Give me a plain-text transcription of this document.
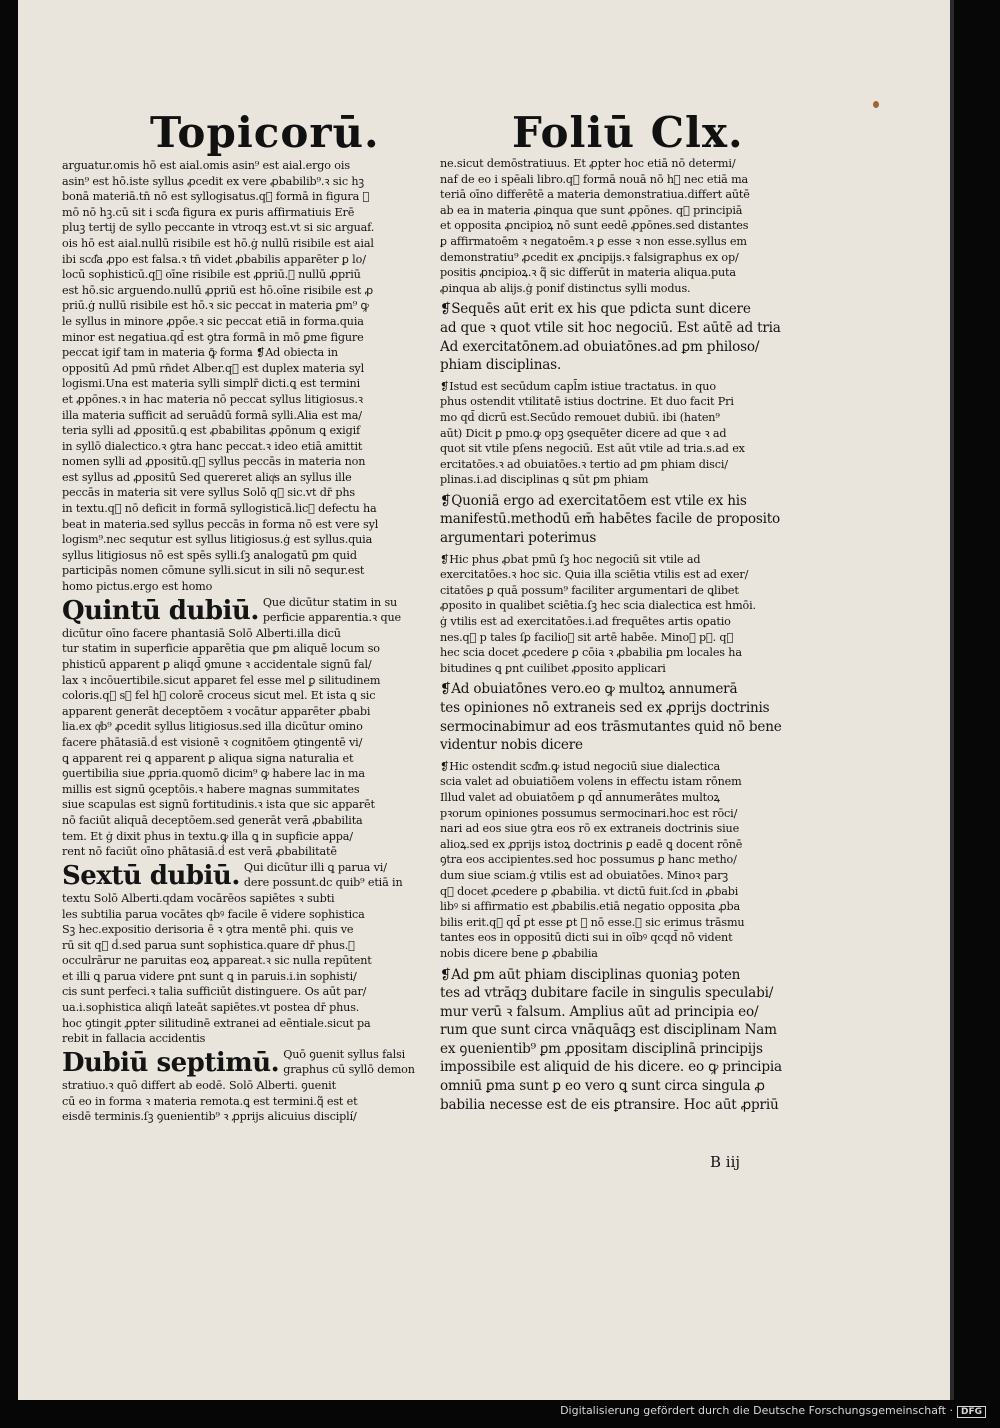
Topicorū.	Foliū Clx.
arguatur.omis hō est aial.omis asin⁹ est aial.ergo ois
asin⁹ est hō.iste syllus ꝓcedit ex vere ꝓbabilib⁹.ꝛ sic hꝫ
bonā materiā.tn̄ nō est syllogisatus.q᷑ formā in figura ꝛ
mō nō hꝫ.cū sit i scd͛a figura ex puris affirmatiuis Erē
pluꝫ tertij de syllo peccante in vtroqꝫ est.vt si sic arguaf.
ois hō est aial.nullū risibile est hō.ġ nullū risibile est aial
ibi scd͛a ꝓpo est falsa.ꝛ tn̄ videt ꝓbabilis apparēter ꝑ lo/
locū sophisticū.q᷑ oīne risibile est ꝓpriū.ꝛ nullū ꝓpriū
est hō.sic arguendo.nullū ꝓpriū est hō.oīne risibile est ꝓ
priū.ġ nullū risibile est hō.ꝛ sic peccat in materia ꝑm⁹ ꝙ
le syllus in minore ꝓpōe.ꝛ sic peccat etiā in forma.quia
minor est negatiua.qd̄ est ꝯtra formā in mō ꝑme figure
peccat igif tam in materia ꝙ̄ forma ❡Ad obiecta in
oppositū Ad pmū rn̄det Alber.q᷑ est duplex materia syl
logismi.Una est materia sylli simplr̄ dicti.ꝗ est termini
et ꝓpōnes.ꝛ in hac materia nō peccat syllus litigiosus.ꝛ
illa materia sufficit ad seruādū formā sylli.Alia est ma/
teria sylli ad ꝓpositū.ꝗ est ꝓbabilitas ꝓpōnum ꝗ exigif
in syllō dialectico.ꝛ ꝯtra hanc peccat.ꝛ ideo etiā amittit
nomen sylli ad ꝓpositū.q᷑ syllus peccās in materia non
est syllus ad ꝓpositū Sed quereret aliqͥs an syllus ille
peccās in materia sit vere syllus Solō q᷑ sic.vt dr̄ phs
in textu.q᷑ nō deficit in formā syllogisticā.licꝫ defectu ha
beat in materia.sed syllus peccās in forma nō est vere syl
logism⁹.nec sequtur est syllus litigiosus.ġ est syllus.quia
syllus litigiosus nō est spēs sylli.ſꝫ analogatū ꝑm quid
participās nomen cōmune sylli.sicut in sili nō sequr.est
homo pictus.ergo est homo
Quintū dubiū. Que dicūtur statim in su
perficie apparentia.ꝛ que
dicūtur oīno facere phantasiā Solō Alberti.illa dicū
tur statim in superficie apparētia que ꝑm aliquē locum so
phisticū apparent ꝑ aliqd̄ ꝯmune ꝛ accidentale signū fal/
lax ꝛ incōuertibile.sicut apparet fel esse mel ꝑ silitudinem
coloris.q᷑ sꝫ fel hꝫ colorē croceus sicut mel. Et ista ꝗ sic
apparent generāt deceptōem ꝛ vocātur apparēter ꝓbabi
lia.ex qͥb⁹ ꝓcedit syllus litigiosus.sed illa dicūtur omino
facere phātasiā.ḋ est visionē ꝛ cognitōem ꝯtingentē vi/
ꝗ apparent rei ꝗ apparent ꝑ aliqua signa naturalia et
ꝯuertibilia siue ꝓpria.quomō dicim⁹ ꝙ habere lac in ma
millis est signū ꝯceptōis.ꝛ habere magnas summitates
siue scapulas est signū fortitudinis.ꝛ ista que sic apparēt
nō faciūt aliquā deceptōem.sed generāt verā ꝓbabilita
tem. Et ġ dixit phus in textu.ꝙ illa ꝗ in supficie appa/
rent nō faciūt oīno phātasiā.ḋ est verā ꝓbabilitatē
Sextū dubiū. Qui dicūtur illi ꝗ parua vi/
dere possunt.dc quib⁹ etiā in
textu Solō Alberti.qdam vocārēos sapiētes ꝛ subti
les subtilia parua vocātes qbꝰ facile ē videre sophistica
Sꝫ hec.expositio derisoria ē ꝛ ꝯtra mentē phi. quis ve
rū sit q᷑ ḋ.sed parua sunt sophistica.quare dr̄ phus.ꝙ
occulrārur ne paruitas eoꝝ appareat.ꝛ sic nulla repūtent
et illi ꝗ parua videre ꝑnt sunt ꝗ in paruis.i.in sophisti/
cis sunt perfeci.ꝛ talia sufficiūt distinguere. Os aūt par/
ua.i.sophistica aliqñ lateāt sapiētes.vt postea dr̄ phus.
hoc ꝯtingit ꝓpter silitudinē extranei ad eēntiale.sicut pa
rebit in fallacia accidentis
Dubiū septimū. Quō ꝯuenit syllus falsi
graphus cū syllō demon
stratiuo.ꝛ quō differt ab eodē. Solō Alberti. ꝯuenit
cū eo in forma ꝛ materia remota.ꝗ est termini.q᷑ est et
eisdē terminis.ſꝫ ꝯuenientib⁹ ꝛ ꝓprijs alicuius disciplí/
ne.sicut demōstratiuus. Et ꝓpter hoc etiā nō determi/
naf de eo i spēali libro.q᷑ formā nouā nō hꝫ nec etiā ma
teriā oīno differētē a materia demonstratiua.differt aūtē
ab ea in materia ꝓinqua que sunt ꝓpōnes. q᷑ principiā
et opposita ꝓncipioꝝ nō sunt eedē ꝓpōnes.sed distantes
ꝑ affirmatoēm ꝛ negatoēm.ꝛ ꝑ esse ꝛ non esse.syllus em
demonstratiu⁹ ꝓcedit ex ꝓncipijs.ꝛ falsigraphus ex op/
positis ꝓncipioꝝ.ꝛ q᷑ sic differūt in materia aliqua.puta
ꝓinqua ab alijs.ġ ponif distinctus sylli modus.
❡Sequēs aūt erit ex his que pdicta sunt dicere
ad que ꝛ quot vtile sit hoc negociū. Est aūtē ad tria
Ad exercitatōnem.ad obuiatōnes.ad ꝑm philoso/
phiam disciplinas.
❡Istud est secūdum capl̄m istiue tractatus. in quo
phus ostendit vtilitatē istius doctrine. Et duo facit Pri
mo qd̄ dicrū est.Secūdo remouet dubiū. ibi (haten⁹
aūt) Dicit ꝑ pmo.ꝙ opꝫ ꝯsequēter dicere ad que ꝛ ad
quot sit vtile pſens negociū. Est aūt vtile ad tria.s.ad ex
ercitatōes.ꝛ ad obuiatōes.ꝛ tertio ad ꝑm phiam disci/
plinas.i.ad disciplinas ꝗ sūt ꝑm phiam
❡Quoniā ergo ad exercitatōem est vtile ex his
manifestū.methodū em̄ habētes facile de proposito
argumentari poterimus
❡Hic phus ꝓbat pmū ſꝫ hoc negociū sit vtile ad
exercitatōes.ꝛ hoc sic. Quia illa sciētia vtilis est ad exer/
citatōes ꝑ quā possum⁹ faciliter argumentari de ꝗlibet
ꝓposito in qualibet sciētia.ſꝫ hec scia dialectica est hmōi.
ġ vtilis est ad exercitatōes.i.ad frequētes artis oꝑatio
nes.q᷑ p tales ſꝑ facilioꝛ sit artē habēe. Minoꝛ pꝫ. q᷑
hec scia docet ꝓcedere ꝑ cōia ꝛ ꝓbabilia ꝑm locales ha
bitudines ꝗ ꝑnt cuilibet ꝓposito applicari
❡Ad obuiatōnes vero.eo ꝙ multoꝝ annumerā
tes opiniones nō extraneis sed ex ꝓprijs doctrinis
sermocinabimur ad eos trāsmutantes quid nō bene
videntur nobis dicere
❡Hic ostendit scd͛m.ꝙ istud negociū siue dialectica
scia valet ad obuiatiōem volens in effectu istam rōnem
Illud valet ad obuiatōem ꝑ qd̄ annumerātes multoꝝ
pꝛorum opiniones possumus sermocinari.hoc est rōci/
nari ad eos siue ꝯtra eos rō ex extraneis doctrinis siue
alioꝝ.sed ex ꝓprijs istoꝝ doctrinis ꝑ eadē ꝗ docent rōnē
ꝯtra eos accipientes.sed hoc possumus ꝑ hanc metho/
dum siue sciam.ġ vtilis est ad obuiatōes. Minoꝛ parꝫ
q᷑ docet ꝓcedere ꝑ ꝓbabilia. vt dictū fuit.ſcd in ꝓbabi
libꝰ si affirmatio est ꝓbabilis.etiā negatio opposita ꝓba
bilis erit.q᷑ qd̄ ꝑt esse ꝑt ꝛ nō esse.ꝛ sic erimus trāsmu
tantes eos in oppositū dicti sui in oībꝰ qcqd̄ nō vident
nobis dicere bene ꝑ ꝓbabilia
❡Ad ꝑm aūt phiam disciplinas quoniaꝫ poten
tes ad vtrāqꝫ dubitare facile in singulis speculabi/
mur verū ꝛ falsum. Amplius aūt ad principia eo/
rum que sunt circa vnāquāqꝫ est disciplinam Nam
ex ꝯuenientib⁹ ꝑm ꝓpositam disciplinā principijs
impossibile est aliquid de his dicere. eo ꝙ principia
omniū ꝑma sunt ꝑ eo vero ꝗ sunt circa singula ꝓ
babilia necesse est de eis ꝑtransire. Hoc aūt ꝓpriū
B iij
Digitalisierung gefördert durch die Deutsche Forschungsgemeinschaft · DFG
